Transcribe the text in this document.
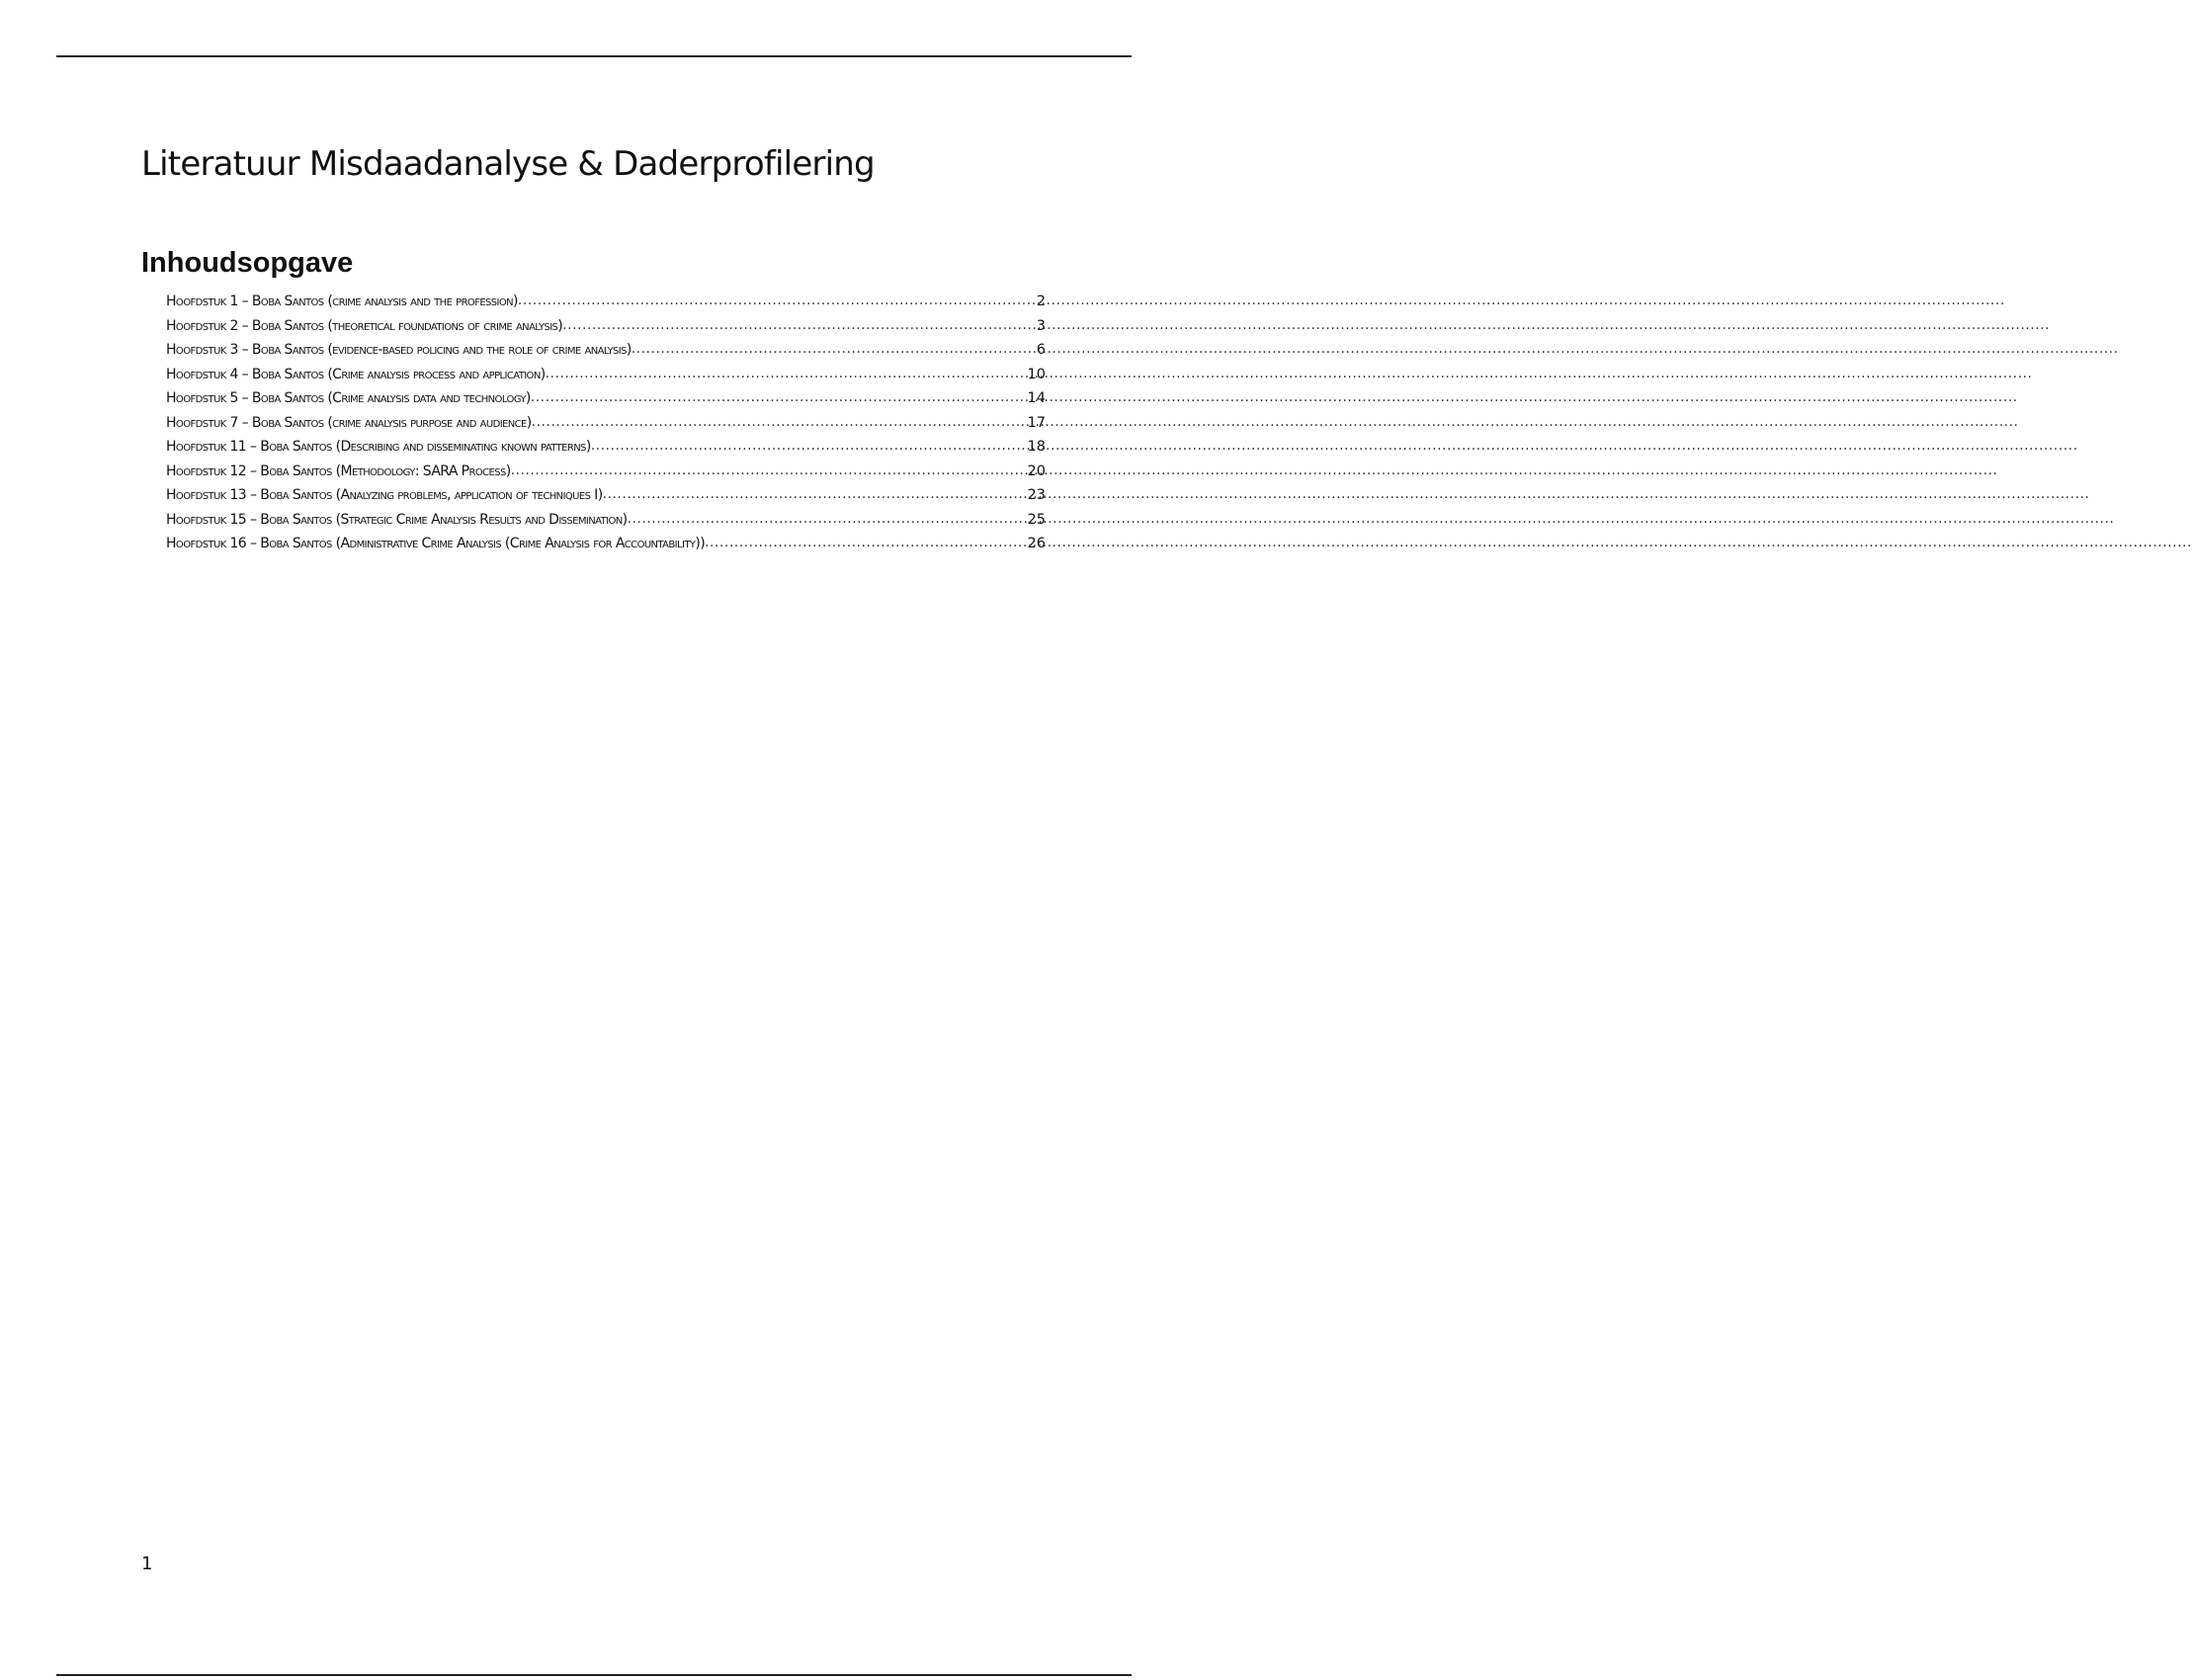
Literatuur Misdaadanalyse & Daderprofilering
Inhoudsopgave
Hoofdstuk 1 – Boba Santos (crime analysis and the profession) .....	2
Hoofdstuk 2 – Boba Santos (theoretical foundations of crime analysis) .....	3
Hoofdstuk 3 – Boba Santos (evidence-based policing and the role of crime analysis) .....	6
Hoofdstuk 4 – Boba Santos (Crime analysis process and application) .....	10
Hoofdstuk 5 – Boba Santos (Crime analysis data and technology) .....	14
Hoofdstuk 7 – Boba Santos (crime analysis purpose and audience) .....	17
Hoofdstuk 11 – Boba Santos (Describing and disseminating known patterns) .....	18
Hoofdstuk 12 – Boba Santos (Methodology: SARA Process) .....	20
Hoofdstuk 13 – Boba Santos (Analyzing problems, application of techniques I) .....	23
Hoofdstuk 15 – Boba Santos (Strategic Crime Analysis Results and Dissemination) .....	25
Hoofdstuk 16 – Boba Santos (Administrative Crime Analysis (Crime Analysis for Accountability)) .....	26
1
